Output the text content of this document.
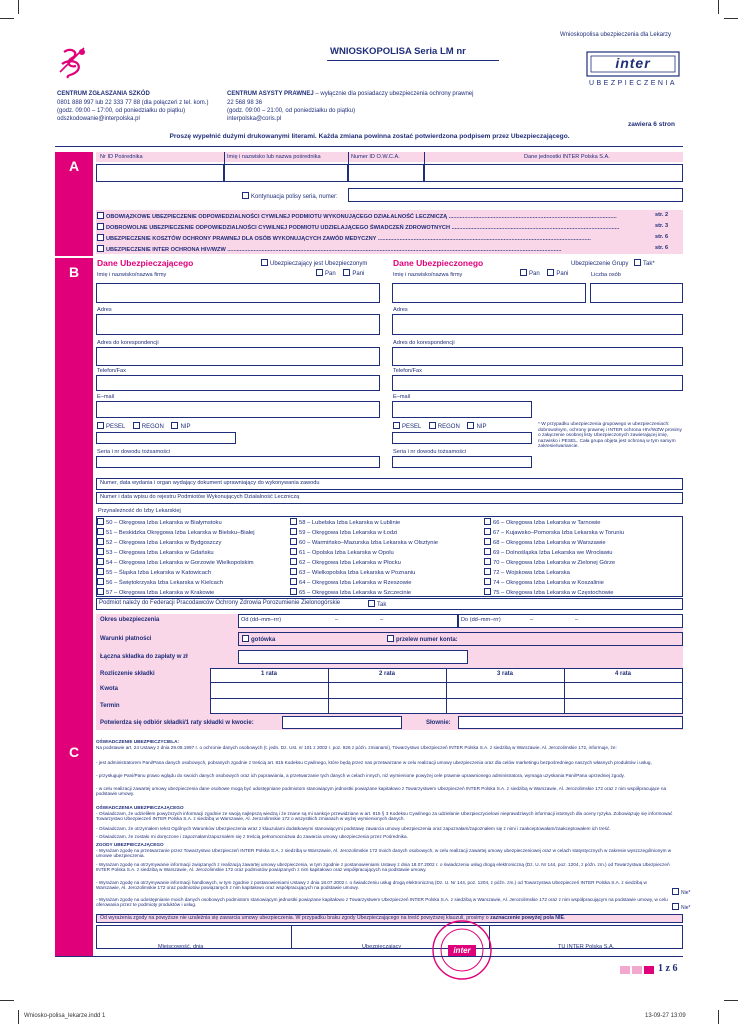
Wnioskopolisa ubezpieczenia dla Lekarzy
WNIOSKOPOLISA Seria LM nr
inter
UBEZPIECZENIA
CENTRUM ZGŁASZANIA SZKÓD
0801 888 997 lub 22 333 77 88 (dla połączeń z tel. kom.)
(godz. 09:00 – 17:00, od poniedziałku do piątku)
odszkodowanie@interpolska.pl
CENTRUM ASYSTY PRAWNEJ – wyłącznie dla posiadaczy ubezpieczenia ochrony prawnej
22 568 98 36
(godz. 09:00 – 21:00, od poniedziałku do piątku)
interpolska@coris.pl
zawiera 6 stron
Proszę wypełnić dużymi drukowanymi literami. Każda zmiana powinna zostać potwierdzona podpisem przez Ubezpieczającego.
A
Nr ID Pośrednika	Imię i nazwisko lub nazwa pośrednika	Numer ID O.W.C.A.	Dane jednostki INTER Polska S.A.
Kontynuacja polisy seria, numer:
OBOWIĄZKOWE UBEZPIECZENIE ODPOWIEDZIALNOŚCI CYWILNEJ PODMIOTU WYKONUJĄCEGO DZIAŁALNOŚĆ LECZNICZĄ ............................................................................................................	str. 2
DOBROWOLNE UBEZPIECZENIE ODPOWIEDZIALNOŚCI CYWILNEJ PODMIOTU UDZIELAJĄCEGO ŚWIADCZEŃ ZDROWOTNYCH ............................................................................................................	str. 3
UBEZPIECZENIE KOSZTÓW OCHRONY PRAWNEJ DLA OSÓB WYKONUJĄCYCH ZAWÓD MEDYCZNY .........................................................................................................................................	str. 6
UBEZPIECZENIE INTER OCHRONA HIV/WZW .......................................................................................................................................................................................................................	str. 6
B
Dane Ubezpieczającego	Ubezpieczający jest Ubezpieczonym
Pan	Pani
Imię i nazwisko/nazwa firmy
Dane Ubezpieczonego	Ubezpieczenie Grupy Tak*
Pan	Pani
Imię i nazwisko/nazwa firmy	Liczba osób
Adres	Adres
Adres do korespondencji	Adres do korespondencji
Telefon/Fax	Telefon/Fax
E–mail	E–mail
PESEL	REGON	NIP
Seria i nr dowodu tożsamości
PESEL	REGON	NIP
Seria i nr dowodu tożsamości
* W przypadku ubezpieczenia grupowego w ubezpieczeniach: dobrowolnym, ochrony prawnej i INTER ochrona HIV/WZW prosimy o załączenie osobnej listy Ubezpieczonych zawierającej imię, nazwisko i PESEL. Cała grupa objęta jest ochroną w tym samym zakresie/wariancie.
Numer, data wydania i organ wydający dokument uprawniający do wykonywania zawodu
Numer i data wpisu do rejestru Podmiotów Wykonujących Działalność Leczniczą
Przynależność do Izby Lekarskiej
50 – Okręgowa Izba Lekarska w Białymstoku
51 – Beskidzka Okręgowa Izba Lekarska w Bielsku–Białej
52 – Okręgowa Izba Lekarska w Bydgoszczy
53 – Okręgowa Izba Lekarska w Gdańsku
54 – Okręgowa Izba Lekarska w Gorzowie Wielkopolskim
55 – Śląska Izba Lekarska w Katowicach
56 – Świętokrzyska Izba Lekarska w Kielcach
57 – Okręgowa Izba Lekarska w Krakowie
58 – Lubelska Izba Lekarska w Lublinie
59 – Okręgowa Izba Lekarska w Łodzi
60 – Warmińsko–Mazurska Izba Lekarska w Olsztynie
61 – Opolska Izba Lekarska w Opolu
62 – Okręgowa Izba Lekarska w Płocku
63 – Wielkopolska Izba Lekarska w Poznaniu
64 – Okręgowa Izba Lekarska w Rzeszowie
65 – Okręgowa Izba Lekarska w Szczecinie
66 – Okręgowa Izba Lekarska w Tarnowie
67 – Kujawsko–Pomorska Izba Lekarska w Toruniu
68 – Okręgowa Izba Lekarska w Warszawie
69 – Dolnośląska Izba Lekarska we Wrocławiu
70 – Okręgowa Izba Lekarska w Zielonej Górze
72 – Wojskowa Izba Lekarska
74 – Okręgowa Izba Lekarska w Koszalinie
75 – Okręgowa Izba Lekarska w Częstochowie
Podmiot należy do Federacji Pracodawców Ochrony Zdrowia Porozumienie Zielonogórskie	Tak
Okres ubezpieczenia	Od (dd–mm–rrr)	–	–	Do (dd–mm–rrr)	–	–
Warunki płatności	gotówka	przelew numer konta:
Łączna składka do zapłaty w zł
Rozliczenie składki	1 rata	2 rata	3 rata	4 rata
Kwota
Termin
Potwierdza się odbiór składki/1 raty składki w kwocie:	Słownie:
C
OŚWIADCZENIE UBEZPIECZYCIELA:
Na podstawie art. 24 Ustawy z dnia 29.08.1997 r. o ochronie danych osobowych (t. jedn. Dz. Ust. nr 101 z 2002 r. poz. 926 z późn. zmianami), Towarzystwo Ubezpieczeń INTER Polska S.A. z siedzibą w Warszawie, Al. Jerozolimskie 172, informuje, że:
- jest administratorem Pani/Pana danych osobowych, pobranych zgodnie z treścią art. 815 Kodeksu Cywilnego, które będą przez nas przetwarzane w celu realizacji umowy ubezpieczenia oraz dla celów marketingu bezpośredniego naszych własnych produktów i usług,
- przysługuje Pani/Panu prawo wglądu do swoich danych osobowych oraz ich poprawiania, a przetwarzanie tych danych w celach innych, niż wymienione powyżej cele prawnie uprawnionego administratora, wymaga uzyskania Pani/Pana uprzedniej zgody.
- w celu realizacji zawartej umowy ubezpieczenia dane osobowe mogą być udostępniane podmiotom stanowiącym jednostki powiązane kapitałowo z Towarzystwem Ubezpieczeń INTER Polska S.A. z siedzibą w Warszawie, Al. Jerozolimskie 172 oraz z nim współpracujące na podstawie umowy.
OŚWIADCZENIA UBEZPIECZAJĄCEGO
- Oświadczam, że udzieliłem powyższych informacji zgodnie ze swoją najlepszą wiedzą i że znane są mi sankcje przewidziane w art. 815 § 3 Kodeksu Cywilnego za udzielanie Ubezpieczycielowi nieprawdziwych informacji istotnych dla oceny ryzyka. Zobowiązuję się informować Towarzystwo Ubezpieczeń INTER Polska S.A. z siedzibą w Warszawie, Al. Jerozolimskie 172 o wszystkich zmianach w wyżej wymienionych danych.
- Oświadczam, że otrzymałem tekst Ogólnych Warunków Ubezpieczenia wraz z klauzulami dodatkowymi stanowiącymi podstawę zawarcia umowy ubezpieczenia oraz zapoznałam/zapoznałem się z nimi i zaakceptowałam/zaakceptowałem ich treść.
- Oświadczam, że zostało mi doręczone i zapoznałam/zapoznałem się z treścią pełnomocnictwa do zawarcia umowy ubezpieczenia przez Pośrednika.
ZGODY UBEZPIECZAJĄCEGO
- Wyrażam zgodę na przetwarzanie przez Towarzystwo Ubezpieczeń INTER Polska S.A. z siedzibą w Warszawie, Al. Jerozolimskie 172 moich danych osobowych, w celu realizacji zawartej umowy ubezpieczeniowej oraz w celach statystycznych w zakresie wyszczególnionym w umowie ubezpieczenia.
- Wyrażam zgodę na otrzymywanie informacji związanych z realizacją zawartej umowy ubezpieczenia, w tym zgodnie z postanowieniami Ustawy z dnia 18.07.2002 r. o świadczeniu usług drogą elektroniczną (Dz. U. Nr 144, poz. 1204, z późn. zm.) od Towarzystwa Ubezpieczeń INTER Polska S.A. z siedzibą w Warszawie, Al. Jerozolimskie 172 oraz podmiotów powiązanych z nim kapitałowo oraz współpracujących na podstawie umowy.
- Wyrażam zgodę na otrzymywanie informacji handlowych, w tym zgodnie z postanowieniami Ustawy z dnia 18.07.2002 r. o świadczeniu usług drogą elektroniczną (Dz. U. Nr 144, poz. 1204, z późn. zm.) od Towarzystwa Ubezpieczeń INTER Polska S.A. z siedzibą w Warszawie, Al. Jerozolimskie 172 oraz podmiotów powiązanych z nim kapitałowo oraz współpracujących na podstawie umowy.
- Wyrażam zgodę na udostępnianie moich danych osobowych podmiotom stanowiącym jednostki powiązane kapitałowo z Towarzystwem Ubezpieczeń INTER Polska S.A. z siedzibą w Warszawie, Al. Jerozolimskie 172 oraz z nim współpracującym na podstawie umowy, w celu oferowania przez te podmioty produktów i usług.
Nie*
Nie*
Od wyrażenia zgody na powyższe nie uzależnia się zawarcia umowy ubezpieczenia. W przypadku braku zgody Ubezpieczającego na treść powyższej klauzuli, prosimy o zaznaczenie powyżej pola NIE.
Miejscowość, dnia	Ubezpieczający	TU INTER Polska S.A.
inter
1 z 6
Wniosko-polisa_lekarze.indd 1	13-09-27 13:09
